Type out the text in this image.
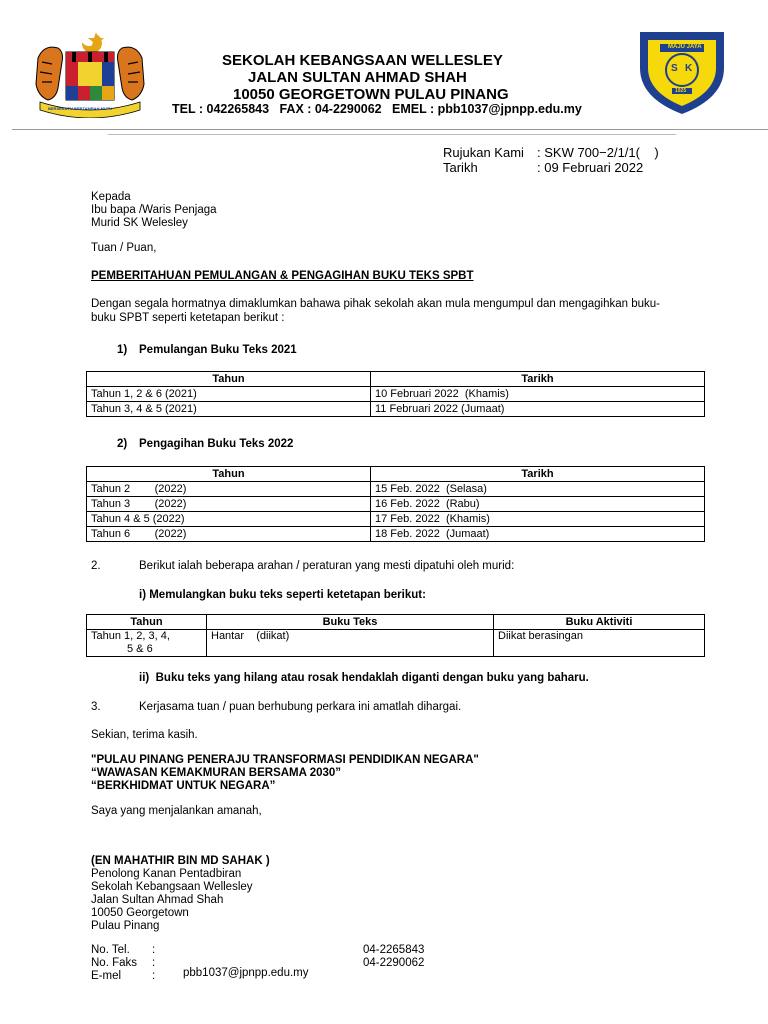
BERSEKUTU BERTAMBAH MUTU
SEKOLAH KEBANGSAAN WELLESLEY
JALAN SULTAN AHMAD SHAH
10050 GEORGETOWN PULAU PINANG
TEL : 042265843   FAX : 04-2290062   EMEL : pbb1037@jpnpp.edu.my
MAJU JAYA
S K
1925
Rujukan Kami : SKW 700−2/1/1(    )
Tarikh	: 09 Februari 2022
Kepada
Ibu bapa /Waris Penjaga
Murid SK Welesley
Tuan / Puan,
PEMBERITAHUAN PEMULANGAN & PENGAGIHAN BUKU TEKS SPBT
Dengan segala hormatnya dimaklumkan bahawa pihak sekolah akan mula mengumpul dan mengagihkan buku-
buku SPBT seperti ketetapan berikut :
1) Pemulangan Buku Teks 2021
Tahun	Tarikh
Tahun 1, 2 & 6 (2021)	10 Februari 2022  (Khamis)
Tahun 3, 4 & 5 (2021)	11 Februari 2022 (Jumaat)
2) Pengagihan Buku Teks 2022
Tahun	Tarikh
Tahun 2        (2022)	15 Feb. 2022  (Selasa)
Tahun 3        (2022)	16 Feb. 2022  (Rabu)
Tahun 4 & 5 (2022)	17 Feb. 2022  (Khamis)
Tahun 6        (2022)	18 Feb. 2022  (Jumaat)
2.	Berikut ialah beberapa arahan / peraturan yang mesti dipatuhi oleh murid:
i) Memulangkan buku teks seperti ketetapan berikut:
Tahun	Buku Teks	Buku Aktiviti

Tahun 1, 2, 3, 4,
5 & 6	Hantar    (diikat)	Diikat berasingan
ii)  Buku teks yang hilang atau rosak hendaklah diganti dengan buku yang baharu.
3.	Kerjasama tuan / puan berhubung perkara ini amatlah dihargai.
Sekian, terima kasih.
"PULAU PINANG PENERAJU TRANSFORMASI PENDIDIKAN NEGARA"
“WAWASAN KEMAKMURAN BERSAMA 2030”
“BERKHIDMAT UNTUK NEGARA”
Saya yang menjalankan amanah,
(EN MAHATHIR BIN MD SAHAK )
Penolong Kanan Pentadbiran
Sekolah Kebangsaan Wellesley
Jalan Sultan Ahmad Shah
10050 Georgetown
Pulau Pinang
No. Tel. :	04-2265843
No. Faks :	04-2290062
E-mel	: pbb1037@jpnpp.edu.my
